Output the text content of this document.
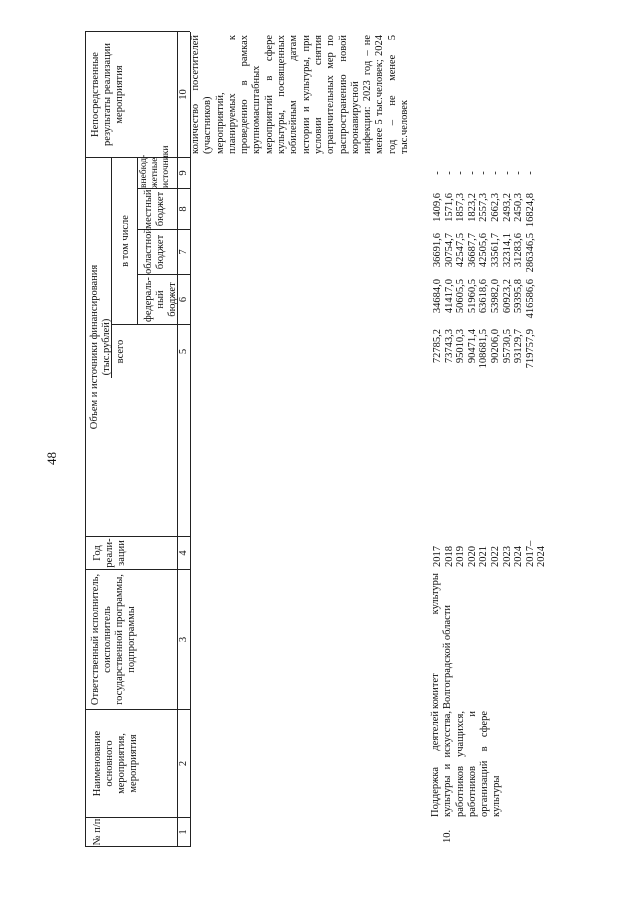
48
№ п/п
Наименование основного мероприятия, мероприятия
Ответственный исполнитель, соисполнитель государственной программы, подпрограммы
Год реали- зации
Объем и источники финансирования (тыс.рублей) всего
в том числе
федераль- ный бюджет
областной бюджет
местный бюджет
внебюд- жетные источники
Непосредственные результаты реализации мероприятия
1
2
3
4
5
6
7
8
9
10
10.
Поддержка деятелей культуры и искусства, работников учащихся, работников и организаций в сфере культуры
комитет культуры Волгоградской области
2017 2018 2019 2020 2021 2022 2023 2024 2017–2024
72785,2 73743,3 95010,3 90471,4 108681,5 90206,0 95730,5 93129,7 719757,9
34684,0 41417,0 50605,5 51960,5 63618,6 53982,0 60923,2 59395,8 416586,6
36691,6 30754,7 42547,5 36687,7 42505,6 33561,7 32314,1 31283,6 286346,5
1409,6 1571,6 1857,3 1823,2 2557,3 2662,3 2493,2 2450,3 16824,8
- - - - - - - - -
количество посетителей (участников) мероприятий, планируемых к проведению в рамках крупномасштабных мероприятий в сфере культуры, посвященных юбилейным датам истории и культуры, при условии снятия ограничительных мер по распространению новой коронавирусной инфекции: 2023 год – не менее 5 тыс.человек; 2024 год – не менее 5 тыс.человек
